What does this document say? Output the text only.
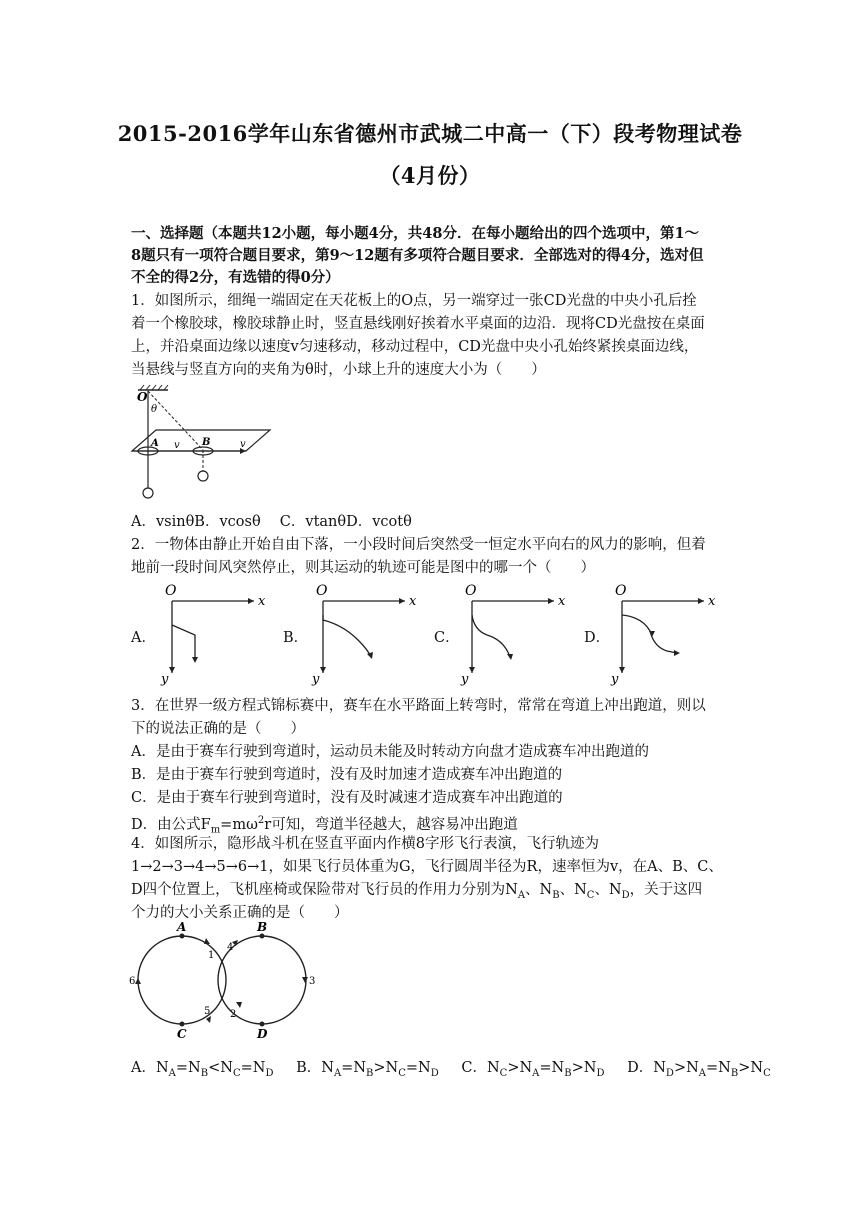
2015-2016学年山东省德州市武城二中高一（下）段考物理试卷
（4月份）
一、选择题（本题共12小题，每小题4分，共48分．在每小题给出的四个选项中，第1～
8题只有一项符合题目要求，第9～12题有多项符合题目要求．全部选对的得4分，选对但
不全的得2分，有选错的得0分）
1．如图所示，细绳一端固定在天花板上的O点，另一端穿过一张CD光盘的中央小孔后拴
着一个橡胶球，橡胶球静止时，竖直悬线刚好挨着水平桌面的边沿．现将CD光盘按在桌面
上，并沿桌面边缘以速度v匀速移动，移动过程中，CD光盘中央小孔始终紧挨桌面边线，
当悬线与竖直方向的夹角为θ时，小球上升的速度大小为（　　）
O
θ
A	B
v	v
A．vsinθB．vcosθ　 C．vtanθD．vcotθ
2．一物体由静止开始自由下落，一小段时间后突然受一恒定水平向右的风力的影响，但着
地前一段时间风突然停止，则其运动的轨迹可能是图中的哪一个（　　）
A．	B．	C．	D．
O
x
y
O
x
y
O
x
y
O
x
y
3．在世界一级方程式锦标赛中，赛车在水平路面上转弯时，常常在弯道上冲出跑道，则以
下的说法正确的是（　　）
A．是由于赛车行驶到弯道时，运动员未能及时转动方向盘才造成赛车冲出跑道的
B．是由于赛车行驶到弯道时，没有及时加速才造成赛车冲出跑道的
C．是由于赛车行驶到弯道时，没有及时减速才造成赛车冲出跑道的
D．由公式$F_m=m\omega^2r$可知，弯道半径越大，越容易冲出跑道
4．如图所示，隐形战斗机在竖直平面内作横8字形飞行表演，飞行轨迹为
1→2→3→4→5→6→1，如果飞行员体重为G，飞行圆周半径为R，速率恒为v，在A、B、C、
D四个位置上，飞机座椅或保险带对飞行员的作用力分别为$N_A$、$N_B$、$N_C$、$N_D$，关于这四
个力的大小关系正确的是（　　）
A	B
C	D
1
2
3
4
5
6
A．$N_A=N_B<N_C=N_D$ B．$N_A=N_B>N_C=N_D$ C．$N_C>N_A=N_B>N_D$ D．$N_D>N_A=N_B>N_C$
